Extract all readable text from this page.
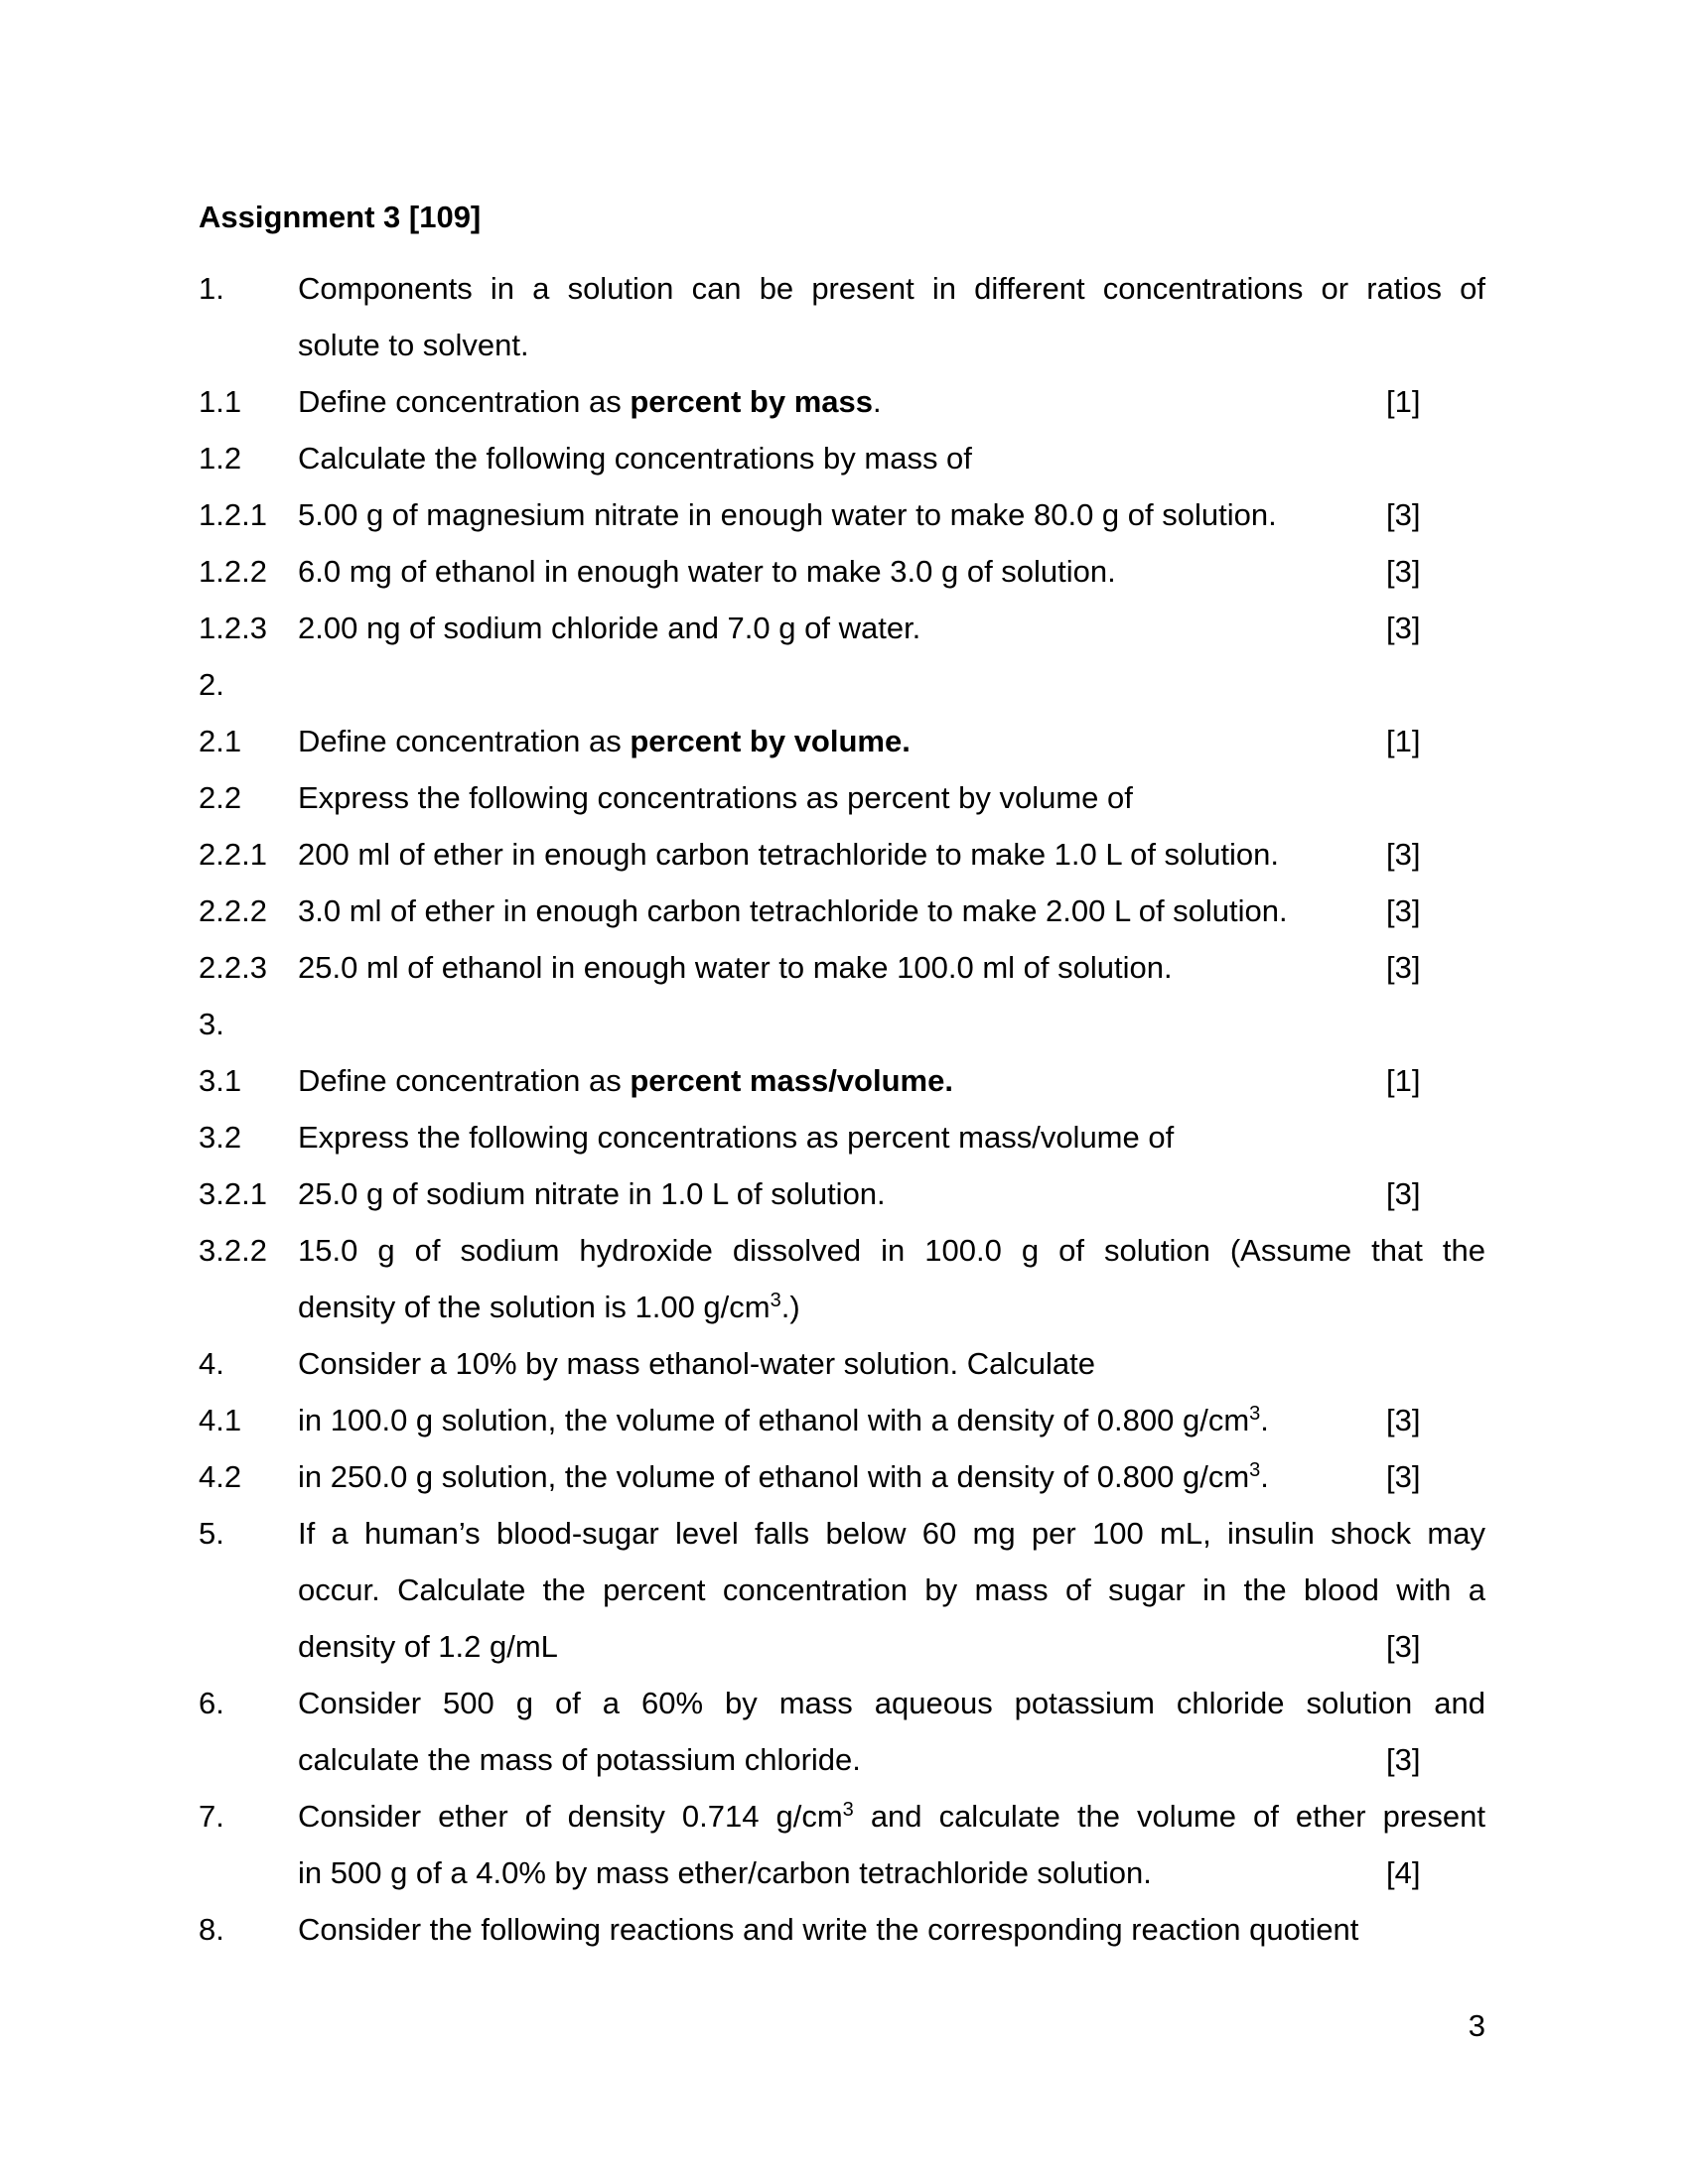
Assignment 3 [109]
1. Components in a solution can be present in different concentrations or ratios of
solute to solvent.
1.1 Define concentration as percent by mass.	[1]
1.2 Calculate the following concentrations by mass of
1.2.1 5.00 g of magnesium nitrate in enough water to make 80.0 g of solution.	[3]
1.2.2 6.0 mg of ethanol in enough water to make 3.0 g of solution.	[3]
1.2.3 2.00 ng of sodium chloride and 7.0 g of water.	[3]
2.
2.1 Define concentration as percent by volume.	[1]
2.2 Express the following concentrations as percent by volume of
2.2.1 200 ml of ether in enough carbon tetrachloride to make 1.0 L of solution.	[3]
2.2.2 3.0 ml of ether in enough carbon tetrachloride to make 2.00 L of solution.	[3]
2.2.3 25.0 ml of ethanol in enough water to make 100.0 ml of solution.	[3]
3.
3.1 Define concentration as percent mass/volume.	[1]
3.2 Express the following concentrations as percent mass/volume of
3.2.1 25.0 g of sodium nitrate in 1.0 L of solution.	[3]
3.2.2 15.0 g of sodium hydroxide dissolved in 100.0 g of solution (Assume that the
density of the solution is 1.00 $g/cm^3$.)
4. Consider a 10% by mass ethanol-water solution. Calculate
4.1 in 100.0 g solution, the volume of ethanol with a density of 0.800 $g/cm^3$.	[3]
4.2 in 250.0 g solution, the volume of ethanol with a density of 0.800 $g/cm^3$.	[3]
5. If a human’s blood-sugar level falls below 60 mg per 100 mL, insulin shock may
occur. Calculate the percent concentration by mass of sugar in the blood with a
density of 1.2 g/mL	[3]
6. Consider 500 g of a 60% by mass aqueous potassium chloride solution and
calculate the mass of potassium chloride.	[3]
7. Consider ether of density 0.714 $g/cm^3$ and calculate the volume of ether present
in 500 g of a 4.0% by mass ether/carbon tetrachloride solution.	[4]
8. Consider the following reactions and write the corresponding reaction quotient
3
